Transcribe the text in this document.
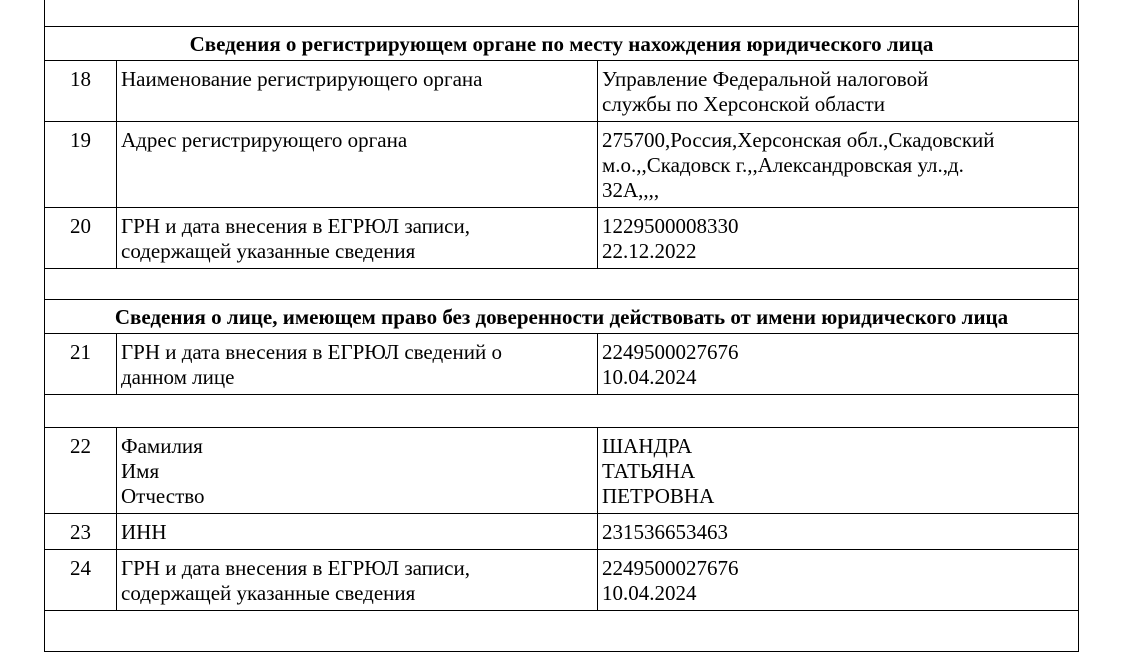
Сведения о регистрирующем органе по месту нахождения юридического лица		
18	Наименование регистрирующего органа	Управление Федеральной налоговой
службы по Херсонской области

19	Адрес регистрирующего органа	275700,Россия,Херсонская обл.,Скадовский
м.о.,,Скадовск г.,,Александровская ул.,д.
32А,,,,

20	ГРН и дата внесения в ЕГРЮЛ записи,
содержащей указанные сведения	1229500008330
22.12.2022

Сведения о лице, имеющем право без доверенности действовать от имени юридического лица		
21	ГРН и дата внесения в ЕГРЮЛ сведений о
данном лице	2249500027676
10.04.2024

22	Фамилия
Имя
Отчество	ШАНДРА
ТАТЬЯНА
ПЕТРОВНА

23	ИНН	231536653463

24	ГРН и дата внесения в ЕГРЮЛ записи,
содержащей указанные сведения	2249500027676
10.04.2024
